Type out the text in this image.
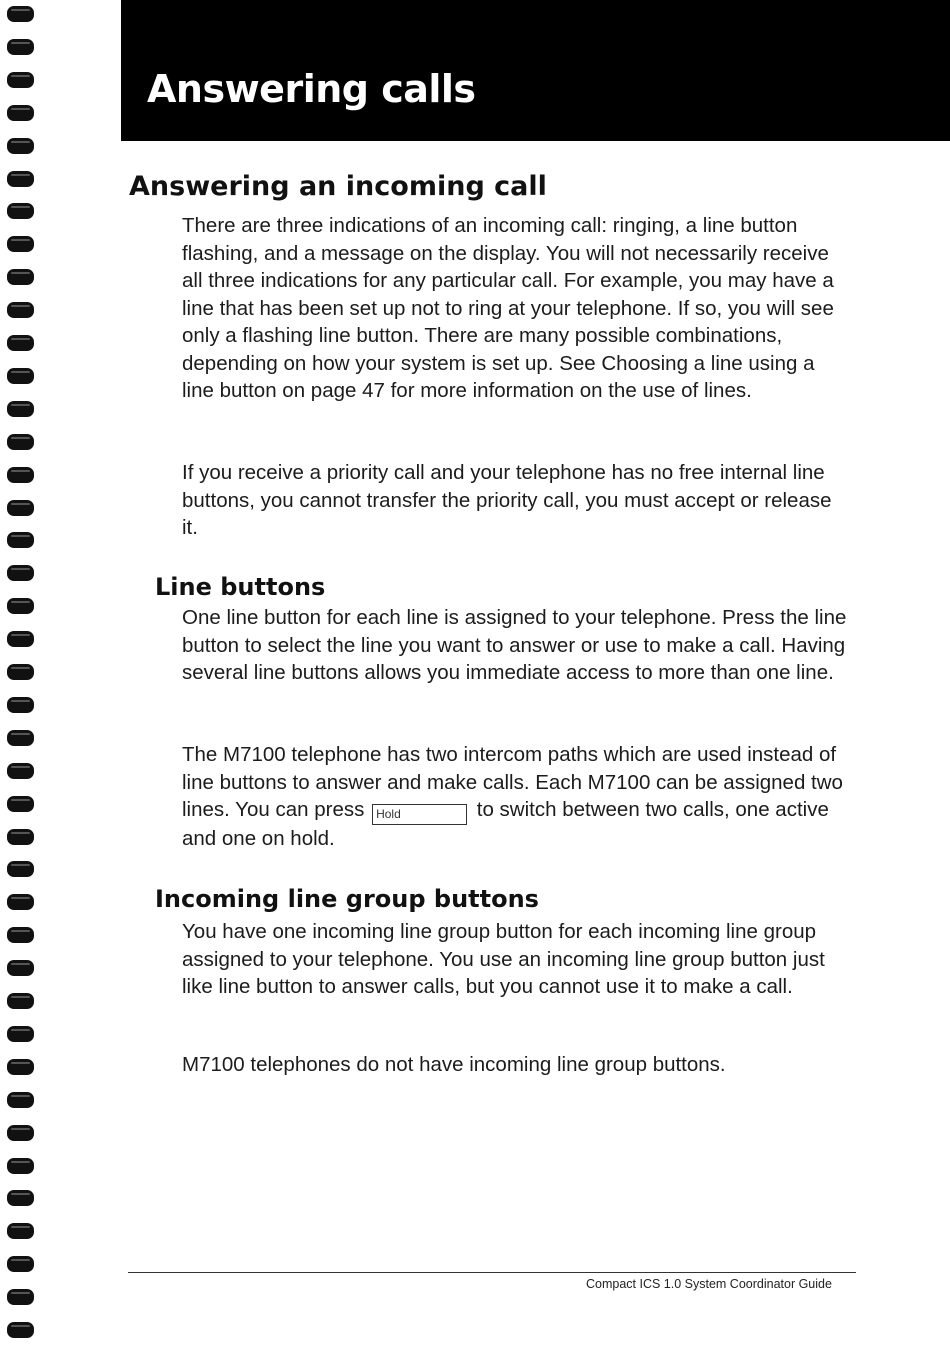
Answering calls
Answering an incoming call

There are three indications of an incoming call: ringing, a line button flashing, and a message on the display. You will not necessarily receive all three indications for any particular call. For example, you may have a line that has been set up not to ring at your telephone. If so, you will see only a flashing line button. There are many possible combinations, depending on how your system is set up. See Choosing a line using a line button on page 47 for more information on the use of lines.

If you receive a priority call and your telephone has no free internal line buttons, you cannot transfer the priority call, you must accept or release it.

Line buttons

One line button for each line is assigned to your telephone. Press the line button to select the line you want to answer or use to make a call. Having several line buttons allows you immediate access to more than one line.

The M7100 telephone has two intercom paths which are used instead of line buttons to answer and make calls. Each M7100 can be assigned two lines. You can press Hold	to switch between two calls, one active and one on hold.

Incoming line group buttons

You have one incoming line group button for each incoming line group assigned to your telephone. You use an incoming line group button just like line button to answer calls, but you cannot use it to make a call.

M7100 telephones do not have incoming line group buttons.

Compact ICS 1.0 System Coordinator Guide
